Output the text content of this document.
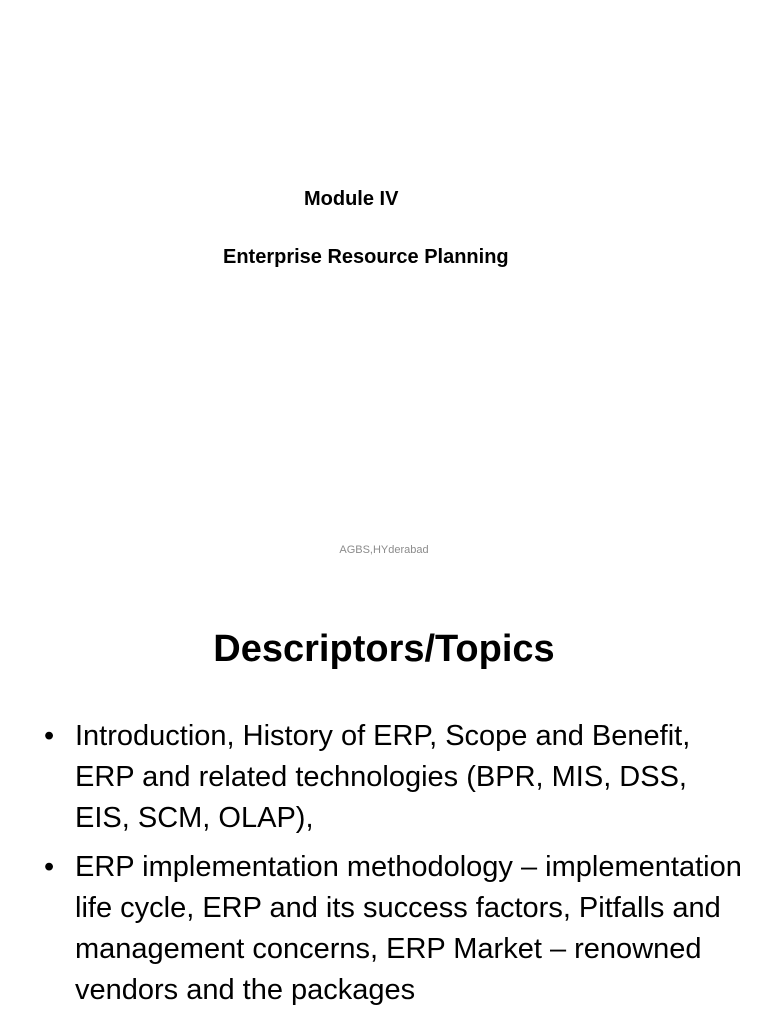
Module IV
Enterprise Resource Planning
AGBS,HYderabad
Descriptors/Topics
• Introduction, History of ERP, Scope and Benefit, ERP and related technologies (BPR, MIS, DSS, EIS, SCM, OLAP),
• ERP implementation methodology – implementation life cycle, ERP and its success factors, Pitfalls and management concerns, ERP Market – renowned vendors and the packages
